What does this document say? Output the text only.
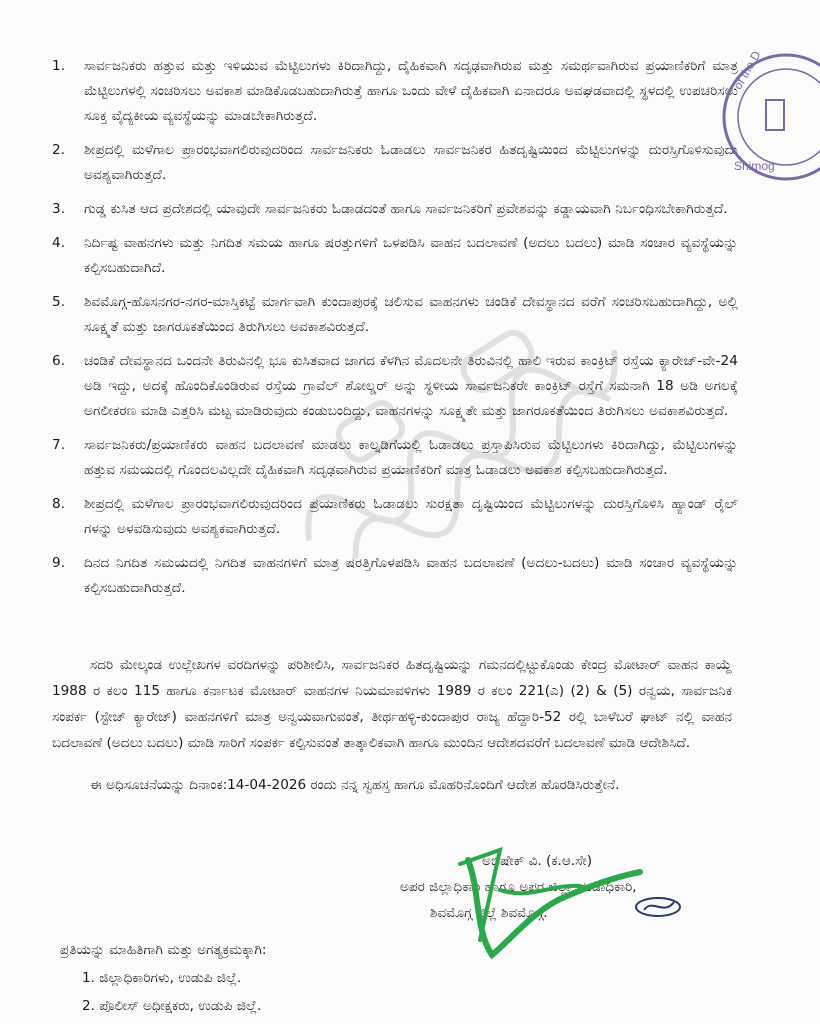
1.	ಸಾರ್ವಜನಿಕರು ಹತ್ತುವ ಮತ್ತು ಇಳಿಯುವ ಮೆಟ್ಟಿಲುಗಳು ಕಿರಿದಾಗಿದ್ದು, ದೈಹಿಕವಾಗಿ ಸದೃಢವಾಗಿರುವ ಮತ್ತು ಸಮರ್ಥವಾಗಿರುವ ಪ್ರಯಾಣಿಕರಿಗೆ ಮಾತ್ರ ಮೆಟ್ಟಿಲುಗಳಲ್ಲಿ ಸಂಚರಿಸಲು ಅವಕಾಶ ಮಾಡಿಕೊಡಬಹುದಾಗಿರುತ್ತೆ ಹಾಗೂ ಒಂದು ವೇಳೆ ದೈಹಿಕವಾಗಿ ಏನಾದರೂ ಅವಘಡವಾದಲ್ಲಿ ಸ್ಥಳದಲ್ಲಿ ಉಪಚರಿಸಲು ಸೂಕ್ತ ವೈದ್ಯಕೀಯ ವ್ಯವಸ್ಥೆಯನ್ನು ಮಾಡಬೇಕಾಗಿರುತ್ತದೆ.
2.	ಶೀಪ್ರದಲ್ಲಿ ಮಳೆಗಾಲ ಪ್ರಾರಂಭವಾಗಲಿರುವುದರಿಂದ ಸಾರ್ವಜನಿಕರು ಓಡಾಡಲು ಸಾರ್ವಜನಿಕರ ಹಿತದೃಷ್ಟಿಯಿಂದ ಮೆಟ್ಟಿಲುಗಳನ್ನು ದುರಸ್ತಿಗೊಳಿಸುವುದು ಅವಶ್ಯವಾಗಿರುತ್ತದೆ.
3.	ಗುಡ್ಡ ಕುಸಿತ ಆದ ಪ್ರದೇಶದಲ್ಲಿ ಯಾವುದೇ ಸಾರ್ವಜನಿಕರು ಓಡಾಡದಂತೆ ಹಾಗೂ ಸಾರ್ವಜನಿಕರಿಗೆ ಪ್ರವೇಶವನ್ನು ಕಡ್ಡಾಯವಾಗಿ ನಿರ್ಬಂಧಿಸಬೇಕಾಗಿರುತ್ತದೆ.
4.	ನಿರ್ದಿಷ್ಟ ವಾಹನಗಳು ಮತ್ತು ನಿಗದಿತ ಸಮಯ ಹಾಗೂ ಷರತ್ತುಗಳಿಗೆ ಒಳಪಡಿಸಿ ವಾಹನ ಬದಲಾವಣೆ (ಅದಲು ಬದಲು) ಮಾಡಿ ಸಂಚಾರ ವ್ಯವಸ್ಥೆಯನ್ನು ಕಲ್ಪಿಸಬಹುದಾಗಿದೆ.
5.	ಶಿವಮೊಗ್ಗ-ಹೊಸನಗರ-ನಗರ-ಮಾಸ್ತಿಕಟ್ಟೆ ಮಾರ್ಗವಾಗಿ ಕುಂದಾಪುರಕ್ಕೆ ಚಲಿಸುವ ವಾಹನಗಳು ಚಂಡಿಕೆ ದೇವಸ್ಥಾನದ ವರೆಗೆ ಸಂಚರಿಸಬಹುದಾಗಿದ್ದು, ಅಲ್ಲಿ ಸೂಕ್ಷ್ಮತೆ ಮತ್ತು ಜಾಗರೂಕತೆಯಿಂದ ತಿರುಗಿಸಲು ಅವಕಾಶವಿರುತ್ತದೆ.
6.	ಚಂಡಿಕೆ ದೇವಸ್ಥಾನದ ಒಂದನೇ ತಿರುವಿನಲ್ಲಿ ಭೂ ಕುಸಿತವಾದ ಜಾಗದ ಕೆಳಗಿನ ಮೊದಲನೇ ತಿರುವಿನಲ್ಲಿ ಹಾಲಿ ಇರುವ ಕಾಂಕ್ರಿಟ್ ರಸ್ತೆಯ ಕ್ಯಾರೇಜ್-ವೇ-24 ಅಡಿ ಇದ್ದು, ಅದಕ್ಕೆ ಹೊಂದಿಕೊಂಡಿರುವ ರಸ್ತೆಯ ಗ್ರಾವೆಲ್ ಶೋಲ್ಡರ್ ಅನ್ನು ಸ್ಥಳೀಯ ಸಾರ್ವಜನಿಕರೇ ಕಾಂಕ್ರಿಟ್ ರಸ್ತೆಗೆ ಸಮನಾಗಿ 18 ಅಡಿ ಅಗಲಕ್ಕೆ ಅಗಲೀಕರಣ ಮಾಡಿ ಎತ್ತರಿಸಿ ಮಟ್ಟ ಮಾಡಿರುವುದು ಕಂಡುಬಂದಿದ್ದು, ವಾಹನಗಳನ್ನು ಸೂಕ್ಷ್ಮತೇ ಮತ್ತು ಜಾಗರೂಕತೆಯಿಂದ ತಿರುಗಿಸಲು ಅವಕಾಶವಿರುತ್ತದೆ.
7.	ಸಾರ್ವಜನಿಕರು/ಪ್ರಯಾಣಿಕರು ವಾಹನ ಬದಲಾವಣೆ ಮಾಡಲು ಕಾಲ್ನಡಿಗೆಯಲ್ಲಿ ಓಡಾಡಲು ಪ್ರಸ್ತಾಪಿಸಿರುವ ಮೆಟ್ಟಿಲುಗಳು ಕಿರಿದಾಗಿದ್ದು, ಮೆಟ್ಟಿಲುಗಳನ್ನು ಹತ್ತುವ ಸಮಯದಲ್ಲಿ ಗೊಂದಲವಿಲ್ಲದೇ ದೈಹಿಕವಾಗಿ ಸದೃಢವಾಗಿರುವ ಪ್ರಯಾಣಿಕರಿಗೆ ಮಾತ್ರ ಓಡಾಡಲು ಅವಕಾಶ ಕಲ್ಪಿಸಬಹುದಾಗಿರುತ್ತದೆ.
8.	ಶೀಪ್ರದಲ್ಲಿ ಮಳೆಗಾಲ ಪ್ರಾರಂಭವಾಗಲಿರುವುದರಿಂದ ಪ್ರಯಾಣಿಕರು ಓಡಾಡಲು ಸುರಕ್ಷತಾ ದೃಷ್ಟಿಯಿಂದ ಮೆಟ್ಟಿಲುಗಳನ್ನು ದುರಸ್ತಿಗೊಳಿಸಿ ಹ್ಯಾಂಡ್ ರೈಲ್ ಗಳನ್ನು ಅಳವಡಿಸುವುದು ಅವಶ್ಯಕವಾಗಿರುತ್ತದೆ.
9.	ದಿನದ ನಿಗದಿತ ಸಮಯದಲ್ಲಿ ನಿಗದಿತ ವಾಹನಗಳಿಗೆ ಮಾತ್ರ ಷರತ್ತಿಗೊಳಪಡಿಸಿ ವಾಹನ ಬದಲಾವಣೆ (ಅದಲು-ಬದಲು) ಮಾಡಿ ಸಂಚಾರ ವ್ಯವಸ್ಥೆಯನ್ನು ಕಲ್ಪಿಸಬಹುದಾಗಿರುತ್ತದೆ.
ಸದರಿ ಮೇಲ್ಕಂಡ ಉಲ್ಲೇಖಗಳ ವರದಿಗಳನ್ನು ಪರಿಶೀಲಿಸಿ, ಸಾರ್ವಜನಿಕರ ಹಿತದೃಷ್ಟಿಯನ್ನು ಗಮನದಲ್ಲಿಟ್ಟುಕೊಂಡು ಕೇಂದ್ರ ಮೋಟಾರ್ ವಾಹನ ಕಾಯ್ದೆ 1988 ರ ಕಲಂ 115 ಹಾಗೂ ಕರ್ನಾಟಕ ಮೋಟಾರ್ ವಾಹನಗಳ ನಿಯಮಾವಳಿಗಳು 1989 ರ ಕಲಂ 221(ಎ) (2) & (5) ರನ್ವಯ, ಸಾರ್ವಜನಿಕ ಸಂಪರ್ಕ (ಸ್ಟೇಜ್ ಕ್ಯಾರೇಜ್) ವಾಹನಗಳಿಗೆ ಮಾತ್ರ ಅನ್ವಯವಾಗುವಂತೆ, ತೀರ್ಥಹಳ್ಳಿ-ಕುಂದಾಪುರ ರಾಜ್ಯ ಹೆದ್ದಾರಿ-52 ರಲ್ಲಿ ಬಾಳೆಬರೆ ಘಾಟ್ ನಲ್ಲಿ ವಾಹನ ಬದಲಾವಣೆ (ಅದಲು ಬದಲು) ಮಾಡಿ ಸಾರಿಗೆ ಸಂಪರ್ಕ ಕಲ್ಪಿಸುವಂತೆ ತಾತ್ಕಾಲಿಕವಾಗಿ ಹಾಗೂ ಮುಂದಿನ ಆದೇಶದವರೆಗೆ ಬದಲಾವಣೆ ಮಾಡಿ ಆದೇಶಿಸಿದೆ.
ಈ ಅಧಿಸೂಚನೆಯನ್ನು ದಿನಾಂಕ:14-04-2026 ರಂದು ನನ್ನ ಸ್ವಹಸ್ತ ಹಾಗೂ ಮೊಹರಿನೊಂದಿಗೆ ಆದೇಶ ಹೊರಡಿಸಿರುತ್ತೇನೆ.
ಅಭಿಷೇಕ್ ವಿ. (ಕ.ಆ.ಸೇ)
ಅಪರ ಜಿಲ್ಲಾಧಿಕಾರಿ ಹಾಗೂ ಅಪರ ಜಿಲ್ಲಾ ದಂಡಾಧಿಕಾರಿ,
ಶಿವಮೊಗ್ಗ ಜಿಲ್ಲೆ ಶಿವಮೊಗ್ಗ.
ಪ್ರತಿಯನ್ನು ಮಾಹಿತಿಗಾಗಿ ಮತ್ತು ಅಗತ್ಯಕ್ರಮಕ್ಕಾಗಿ:
1. ಜಿಲ್ಲಾಧಿಕಾರಿಗಳು, ಉಡುಪಿ ಜಿಲ್ಲೆ.
2. ಪೊಲೀಸ್ ಅಧೀಕ್ಷಕರು, ಉಡುಪಿ ಜಿಲ್ಲೆ.
of the D
Shimog
